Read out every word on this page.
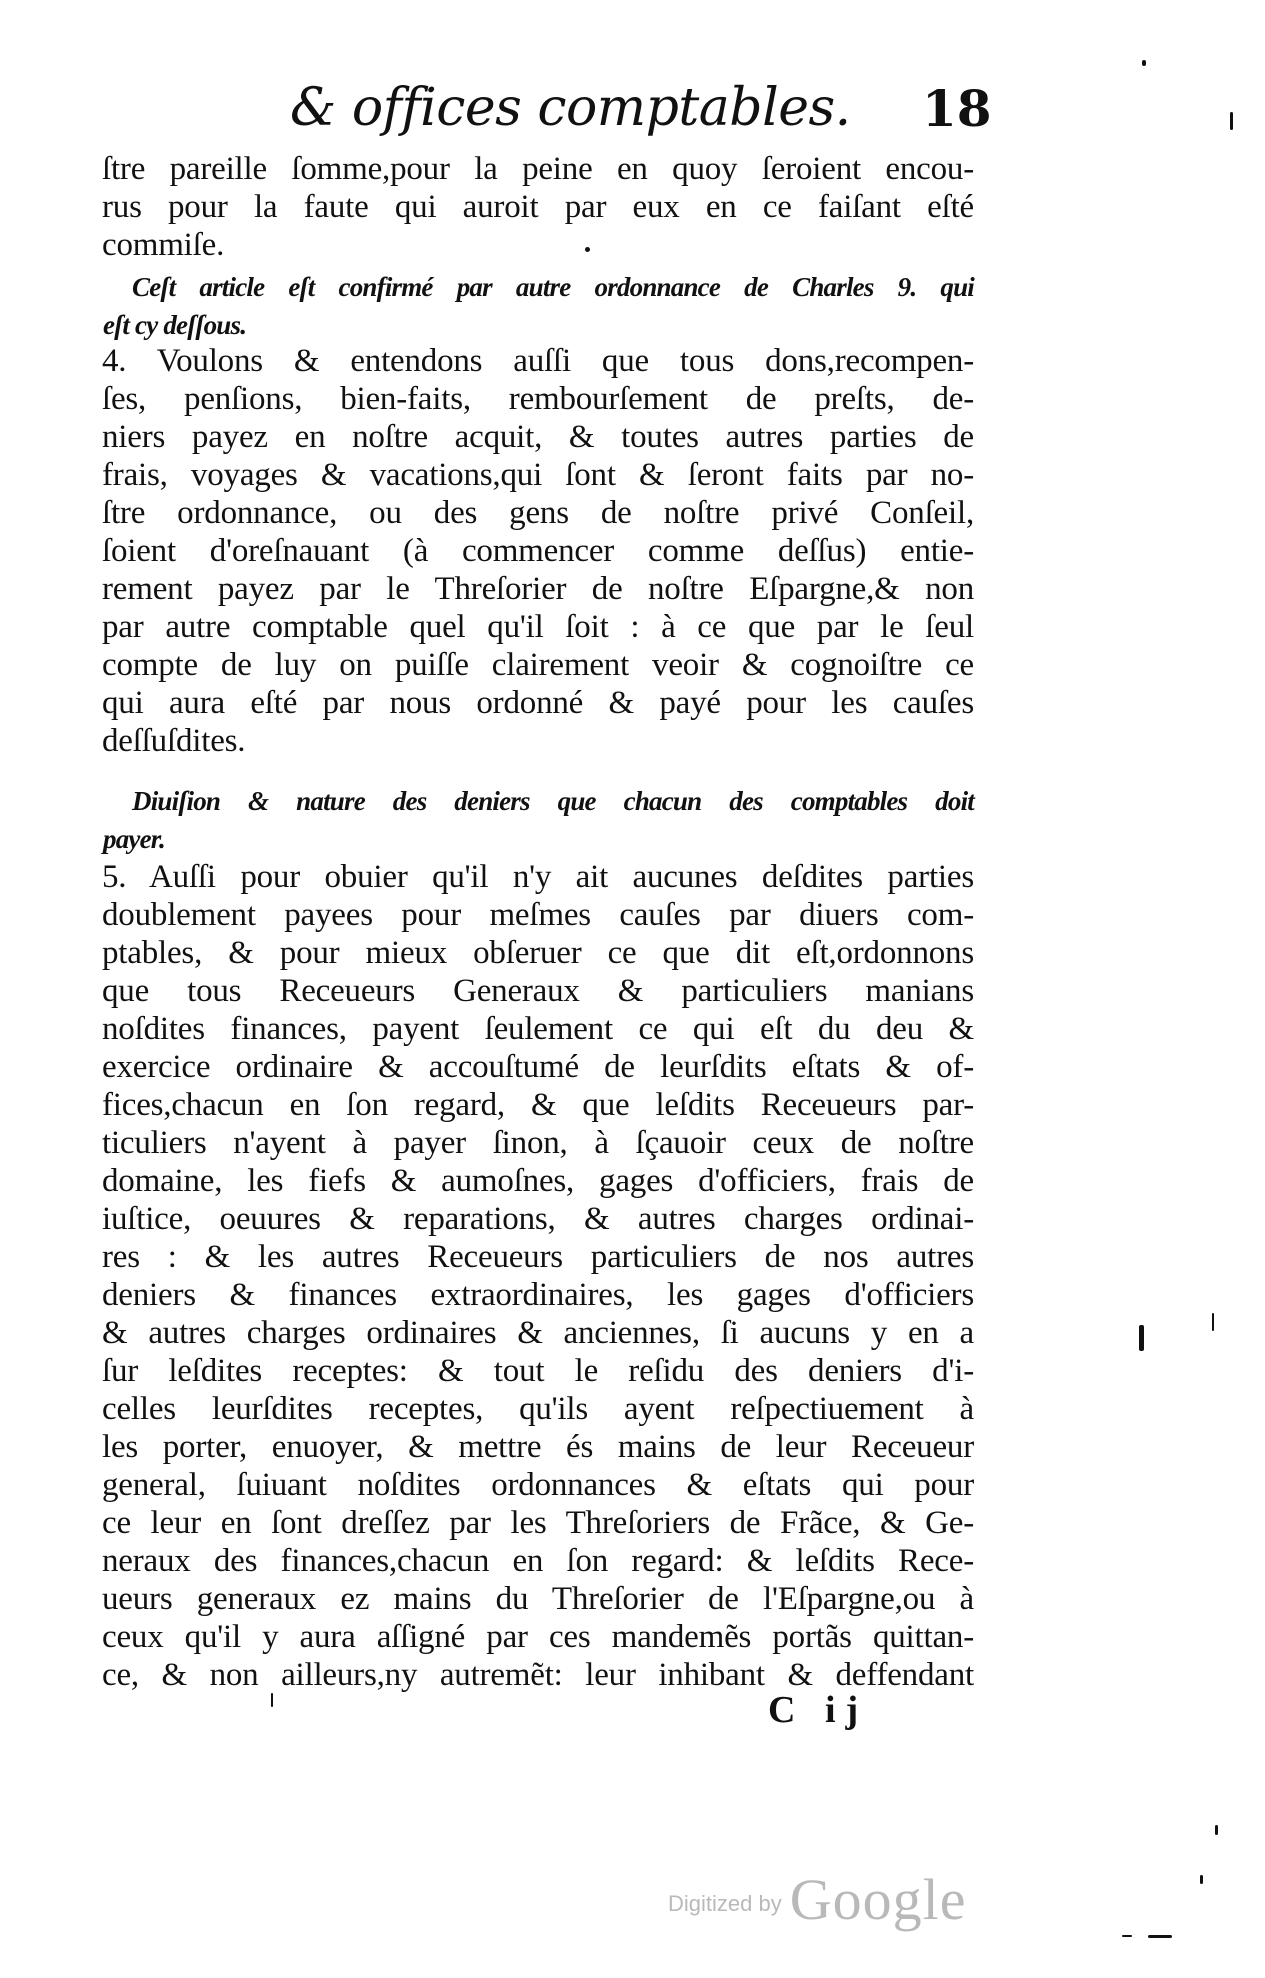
& offices comptables. 18
ſtre pareille ſomme,pour la peine en quoy ſeroient encou-
rus pour la faute qui auroit par eux en ce faiſant eſté
commiſe.
Ceſt article eſt confirmé par autre ordonnance de Charles 9. qui
eſt cy deſſous.
4. Voulons & entendons auſſi que tous dons,recompen-
ſes, penſions, bien-faits, rembourſement de preſts, de-
niers payez en noſtre acquit, & toutes autres parties de
frais, voyages & vacations,qui ſont & ſeront faits par no-
ſtre ordonnance, ou des gens de noſtre privé Conſeil,
ſoient d'oreſnauant (à commencer comme deſſus) entie-
rement payez par le Threſorier de noſtre Eſpargne,& non
par autre comptable quel qu'il ſoit : à ce que par le ſeul
compte de luy on puiſſe clairement veoir & cognoiſtre ce
qui aura eſté par nous ordonné & payé pour les cauſes
deſſuſdites.
Diuiſion & nature des deniers que chacun des comptables doit
payer.
5. Auſſi pour obuier qu'il n'y ait aucunes deſdites parties
doublement payees pour meſmes cauſes par diuers com-
ptables, & pour mieux obſeruer ce que dit eſt,ordonnons
que tous Receueurs Generaux & particuliers manians
noſdites finances, payent ſeulement ce qui eſt du deu &
exercice ordinaire & accouſtumé de leurſdits eſtats & of-
fices,chacun en ſon regard, & que leſdits Receueurs par-
ticuliers n'ayent à payer ſinon, à ſçauoir ceux de noſtre
domaine, les fiefs & aumoſnes, gages d'officiers, frais de
iuſtice, oeuures & reparations, & autres charges ordinai-
res : & les autres Receueurs particuliers de nos autres
deniers & finances extraordinaires, les gages d'officiers
& autres charges ordinaires & anciennes, ſi aucuns y en a
ſur leſdites receptes: & tout le reſidu des deniers d'i-
celles leurſdites receptes, qu'ils ayent reſpectiuement à
les porter, enuoyer, & mettre és mains de leur Receueur
general, ſuiuant noſdites ordonnances & eſtats qui pour
ce leur en ſont dreſſez par les Threſoriers de Frãce, & Ge-
neraux des finances,chacun en ſon regard: & leſdits Rece-
ueurs generaux ez mains du Threſorier de l'Eſpargne,ou à
ceux qu'il y aura aſſigné par ces mandemẽs portãs quittan-
ce, & non ailleurs,ny autremẽt: leur inhibant & deffendant
C ij
Digitized by Google
